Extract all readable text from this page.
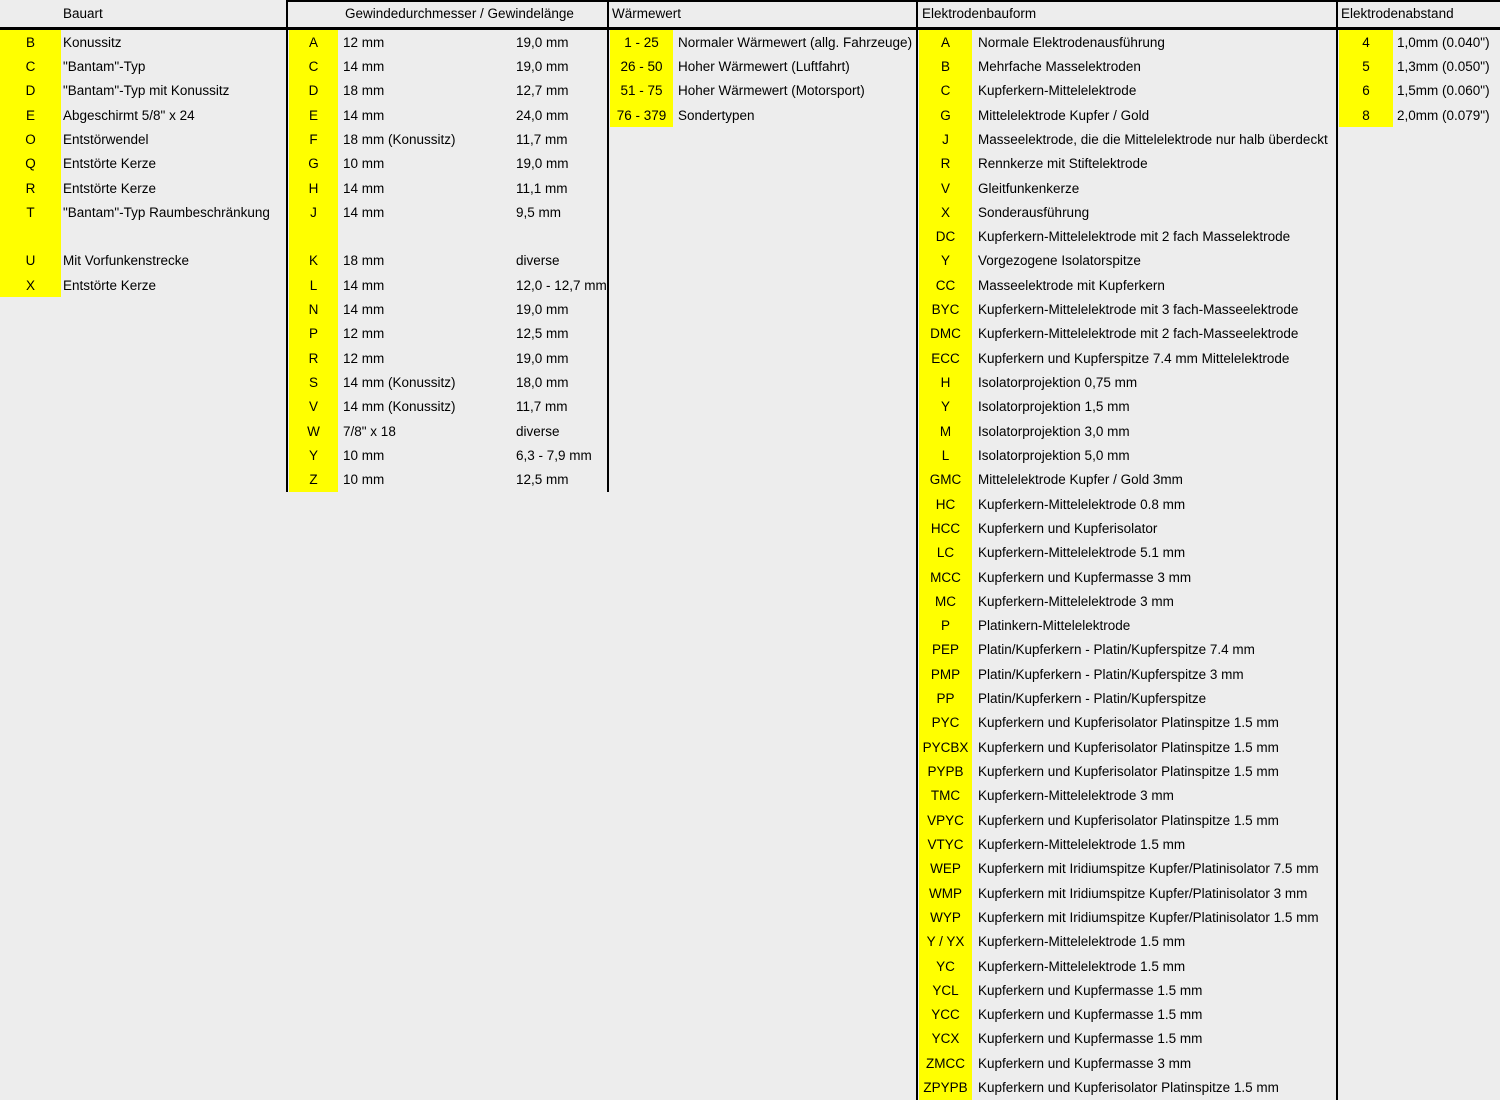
Bauart	Gewindedurchmesser / Gewindelänge	Wärmewert	Elektrodenbauform	Elektrodenabstand
B	Konussitz
C	"Bantam"-Typ
D	"Bantam"-Typ mit Konussitz
E	Abgeschirmt 5/8" x 24
O	Entstörwendel
Q	Entstörte Kerze
R	Entstörte Kerze
T	"Bantam"-Typ Raumbeschränkung
U	Mit Vorfunkenstrecke
X	Entstörte Kerze
A	12 mm	19,0 mm
C	14 mm	19,0 mm
D	18 mm	12,7 mm
E	14 mm	24,0 mm
F	18 mm (Konussitz)	11,7 mm
G	10 mm	19,0 mm
H	14 mm	11,1 mm
J	14 mm	9,5 mm
K	18 mm	diverse
L	14 mm	12,0 - 12,7 mm
N	14 mm	19,0 mm
P	12 mm	12,5 mm
R	12 mm	19,0 mm
S	14 mm (Konussitz)	18,0 mm
V	14 mm (Konussitz)	11,7 mm
W	7/8" x 18	diverse
Y	10 mm	6,3 - 7,9 mm
Z	10 mm	12,5 mm
1 - 25	Normaler Wärmewert (allg. Fahrzeuge)
26 - 50	Hoher Wärmewert (Luftfahrt)
51 - 75	Hoher Wärmewert (Motorsport)
76 - 379 Sondertypen
A	Normale Elektrodenausführung
B	Mehrfache Masselektroden
C	Kupferkern-Mittelelektrode
G	Mittelelektrode Kupfer / Gold
J	Masseelektrode, die die Mittelelektrode nur halb überdeckt
R	Rennkerze mit Stiftelektrode
V	Gleitfunkenkerze
X	Sonderausführung
DC	Kupferkern-Mittelelektrode mit 2 fach Masselektrode
Y	Vorgezogene Isolatorspitze
CC	Masseelektrode mit Kupferkern
BYC	Kupferkern-Mittelelektrode mit 3 fach-Masseelektrode
DMC	Kupferkern-Mittelelektrode mit 2 fach-Masseelektrode
ECC	Kupferkern und Kupferspitze 7.4 mm Mittelelektrode
H	Isolatorprojektion 0,75 mm
Y	Isolatorprojektion 1,5 mm
M	Isolatorprojektion 3,0 mm
L	Isolatorprojektion 5,0 mm
GMC	Mittelelektrode Kupfer / Gold 3mm
HC	Kupferkern-Mittelelektrode 0.8 mm
HCC	Kupferkern und Kupferisolator
LC	Kupferkern-Mittelelektrode 5.1 mm
MCC	Kupferkern und Kupfermasse 3 mm
MC	Kupferkern-Mittelelektrode 3 mm
P	Platinkern-Mittelelektrode
PEP	Platin/Kupferkern - Platin/Kupferspitze 7.4 mm
PMP	Platin/Kupferkern - Platin/Kupferspitze 3 mm
PP	Platin/Kupferkern - Platin/Kupferspitze
PYC	Kupferkern und Kupferisolator Platinspitze 1.5 mm
PYCBX Kupferkern und Kupferisolator Platinspitze 1.5 mm
PYPB	Kupferkern und Kupferisolator Platinspitze 1.5 mm
TMC	Kupferkern-Mittelelektrode 3 mm
VPYC	Kupferkern und Kupferisolator Platinspitze 1.5 mm
VTYC	Kupferkern-Mittelelektrode 1.5 mm
WEP	Kupferkern mit Iridiumspitze Kupfer/Platinisolator 7.5 mm
WMP	Kupferkern mit Iridiumspitze Kupfer/Platinisolator 3 mm
WYP	Kupferkern mit Iridiumspitze Kupfer/Platinisolator 1.5 mm
Y / YX	Kupferkern-Mittelelektrode 1.5 mm
YC	Kupferkern-Mittelelektrode 1.5 mm
YCL	Kupferkern und Kupfermasse 1.5 mm
YCC	Kupferkern und Kupfermasse 1.5 mm
YCX	Kupferkern und Kupfermasse 1.5 mm
ZMCC Kupferkern und Kupfermasse 3 mm
ZPYPB Kupferkern und Kupferisolator Platinspitze 1.5 mm
4	1,0mm (0.040")
5	1,3mm (0.050")
6	1,5mm (0.060")
8	2,0mm (0.079")
